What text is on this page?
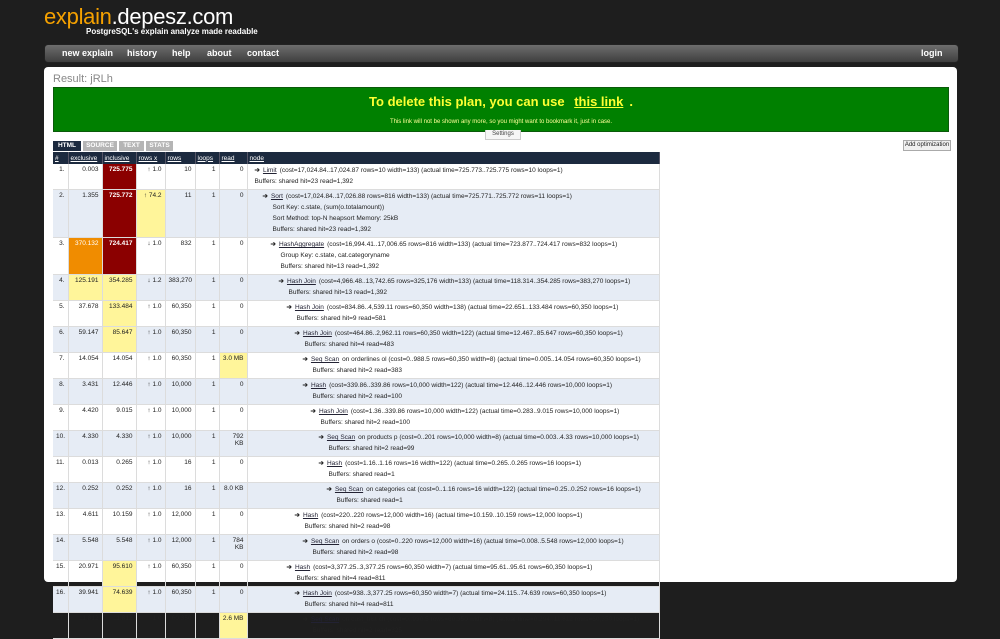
explain.depesz.com
PostgreSQL's explain analyze made readable
new explain history help about contact	login
Result: jRLh
To delete this plan, you can use this link .
This link will not be shown any more, so you might want to bookmark it, just in case.
Settings
HTML	SOURCE	TEXT	STATS	Add optimization
#	exclusive	inclusive	rows x	rows	loops	read	node
1.	0.003	725.775	↑ 1.0	10	1	0	➔ Limit (cost=17,024.84..17,024.87 rows=10 width=133) (actual time=725.773..725.775 rows=10 loops=1)
Buffers: shared hit=23 read=1,392

2.	1.355	725.772	↑ 74.2	11	1	0	➔ Sort (cost=17,024.84..17,026.88 rows=816 width=133) (actual time=725.771..725.772 rows=11 loops=1)
Sort Key: c.state, (sum(o.totalamount))
Sort Method: top-N heapsort Memory: 25kB
Buffers: shared hit=23 read=1,392

3.	370.132	724.417	↓ 1.0	832	1	0	➔ HashAggregate (cost=16,994.41..17,006.65 rows=816 width=133) (actual time=723.877..724.417 rows=832 loops=1)
Group Key: c.state, cat.categoryname
Buffers: shared hit=13 read=1,392

4.	125.191	354.285	↓ 1.2	383,270	1	0	➔ Hash Join (cost=4,966.48..13,742.65 rows=325,176 width=133) (actual time=118.314..354.285 rows=383,270 loops=1)
Buffers: shared hit=13 read=1,392

5.	37.678	133.484	↑ 1.0	60,350	1	0	➔ Hash Join (cost=834.86..4,539.11 rows=60,350 width=138) (actual time=22.651..133.484 rows=60,350 loops=1)
Buffers: shared hit=9 read=581

6.	59.147	85.647	↑ 1.0	60,350	1	0	➔ Hash Join (cost=464.86..2,962.11 rows=60,350 width=122) (actual time=12.467..85.647 rows=60,350 loops=1)
Buffers: shared hit=4 read=483

7.	14.054	14.054	↑ 1.0	60,350	1	3.0 MB	➔ Seq Scan on orderlines ol (cost=0..988.5 rows=60,350 width=8) (actual time=0.005..14.054 rows=60,350 loops=1)
Buffers: shared hit=2 read=383

8.	3.431	12.446	↑ 1.0	10,000	1	0	➔ Hash (cost=339.86..339.86 rows=10,000 width=122) (actual time=12.446..12.446 rows=10,000 loops=1)
Buffers: shared hit=2 read=100

9.	4.420	9.015	↑ 1.0	10,000	1	0	➔ Hash Join (cost=1.36..339.86 rows=10,000 width=122) (actual time=0.283..9.015 rows=10,000 loops=1)
Buffers: shared hit=2 read=100

10.	4.330	4.330	↑ 1.0	10,000	1	792 KB	➔ Seq Scan on products p (cost=0..201 rows=10,000 width=8) (actual time=0.003..4.33 rows=10,000 loops=1)
Buffers: shared hit=2 read=99

11.	0.013	0.265	↑ 1.0	16	1	0	➔ Hash (cost=1.16..1.16 rows=16 width=122) (actual time=0.265..0.265 rows=16 loops=1)
Buffers: shared read=1

12.	0.252	0.252	↑ 1.0	16	1	8.0 KB	➔ Seq Scan on categories cat (cost=0..1.16 rows=16 width=122) (actual time=0.25..0.252 rows=16 loops=1)
Buffers: shared read=1

13.	4.611	10.159	↑ 1.0	12,000	1	0	➔ Hash (cost=220..220 rows=12,000 width=16) (actual time=10.159..10.159 rows=12,000 loops=1)
Buffers: shared hit=2 read=98

14.	5.548	5.548	↑ 1.0	12,000	1	784 KB	➔ Seq Scan on orders o (cost=0..220 rows=12,000 width=16) (actual time=0.008..5.548 rows=12,000 loops=1)
Buffers: shared hit=2 read=98

15.	20.971	95.610	↑ 1.0	60,350	1	0	➔ Hash (cost=3,377.25..3,377.25 rows=60,350 width=7) (actual time=95.61..95.61 rows=60,350 loops=1)
Buffers: shared hit=4 read=811

16.	39.941	74.639	↑ 1.0	60,350	1	0	➔ Hash Join (cost=938..3,377.25 rows=60,350 width=7) (actual time=24.115..74.639 rows=60,350 loops=1)
Buffers: shared hit=4 read=811

17.	11.812	11.812	↑ 1.0	60,350	1	2.6 MB	➔ Seq Scan on cust_hist ch (cost=0..930.5 rows=60,350 width=8) (actual time=0.294..11.812 rows=60,350 loops=1)
Buffers: shared hit=2 read=325
